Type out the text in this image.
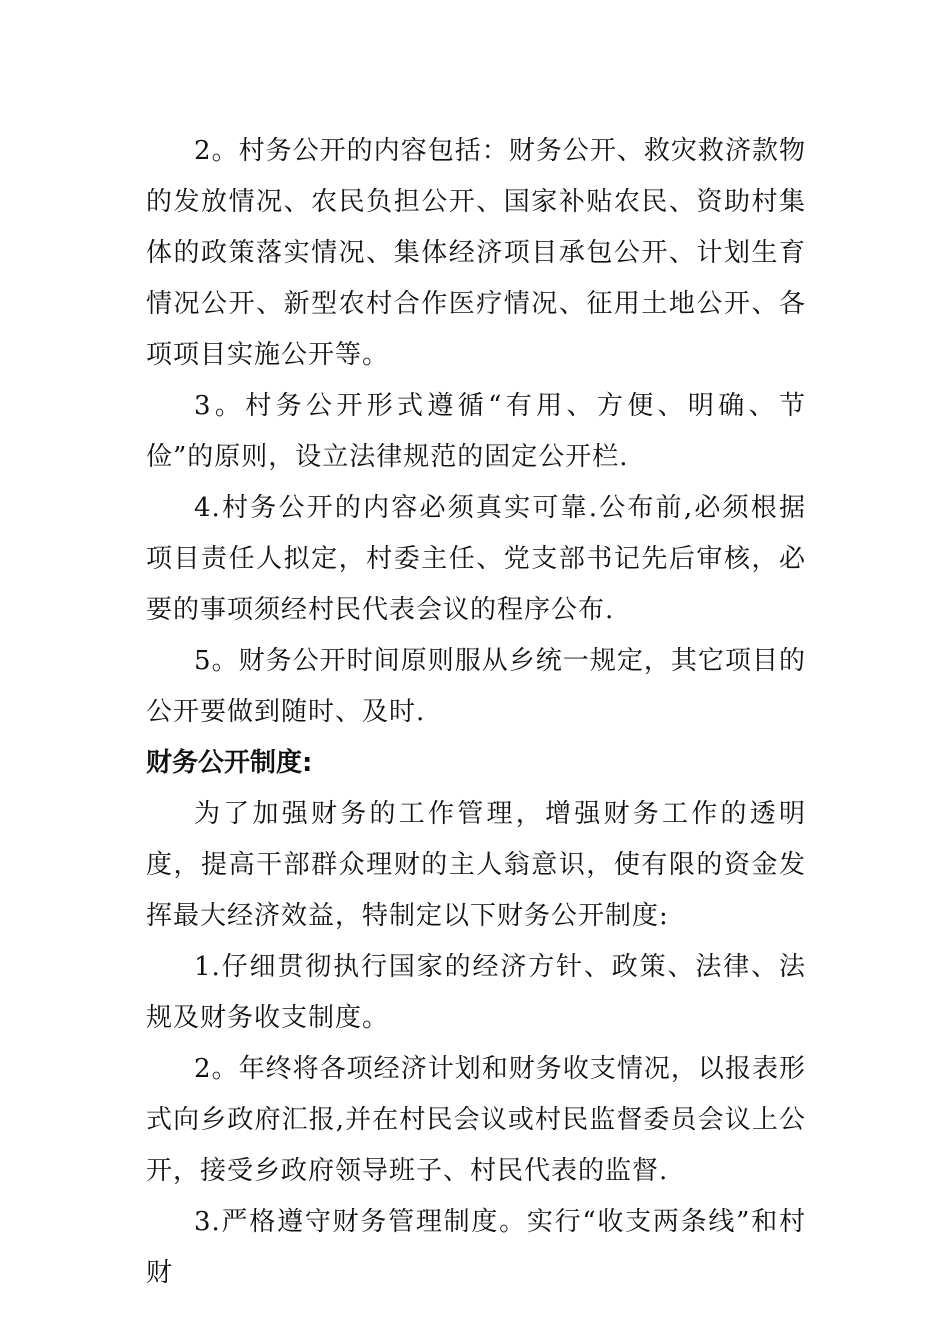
2。村务公开的内容包括：财务公开、救灾救济款物的发放情况、农民负担公开、国家补贴农民、资助村集体的政策落实情况、集体经济项目承包公开、计划生育情况公开、新型农村合作医疗情况、征用土地公开、各项项目实施公开等。

3。村务公开形式遵循“有用、方便、明确、节俭”的原则，设立法律规范的固定公开栏.

4.村务公开的内容必须真实可靠.公布前,必须根据项目责任人拟定，村委主任、党支部书记先后审核，必要的事项须经村民代表会议的程序公布.

5。财务公开时间原则服从乡统一规定，其它项目的公开要做到随时、及时.

财务公开制度:

为了加强财务的工作管理，增强财务工作的透明度，提高干部群众理财的主人翁意识，使有限的资金发挥最大经济效益，特制定以下财务公开制度:

1.仔细贯彻执行国家的经济方针、政策、法律、法规及财务收支制度。

2。年终将各项经济计划和财务收支情况，以报表形式向乡政府汇报,并在村民会议或村民监督委员会议上公开，接受乡政府领导班子、村民代表的监督.

3.严格遵守财务管理制度。实行“收支两条线”和村财
